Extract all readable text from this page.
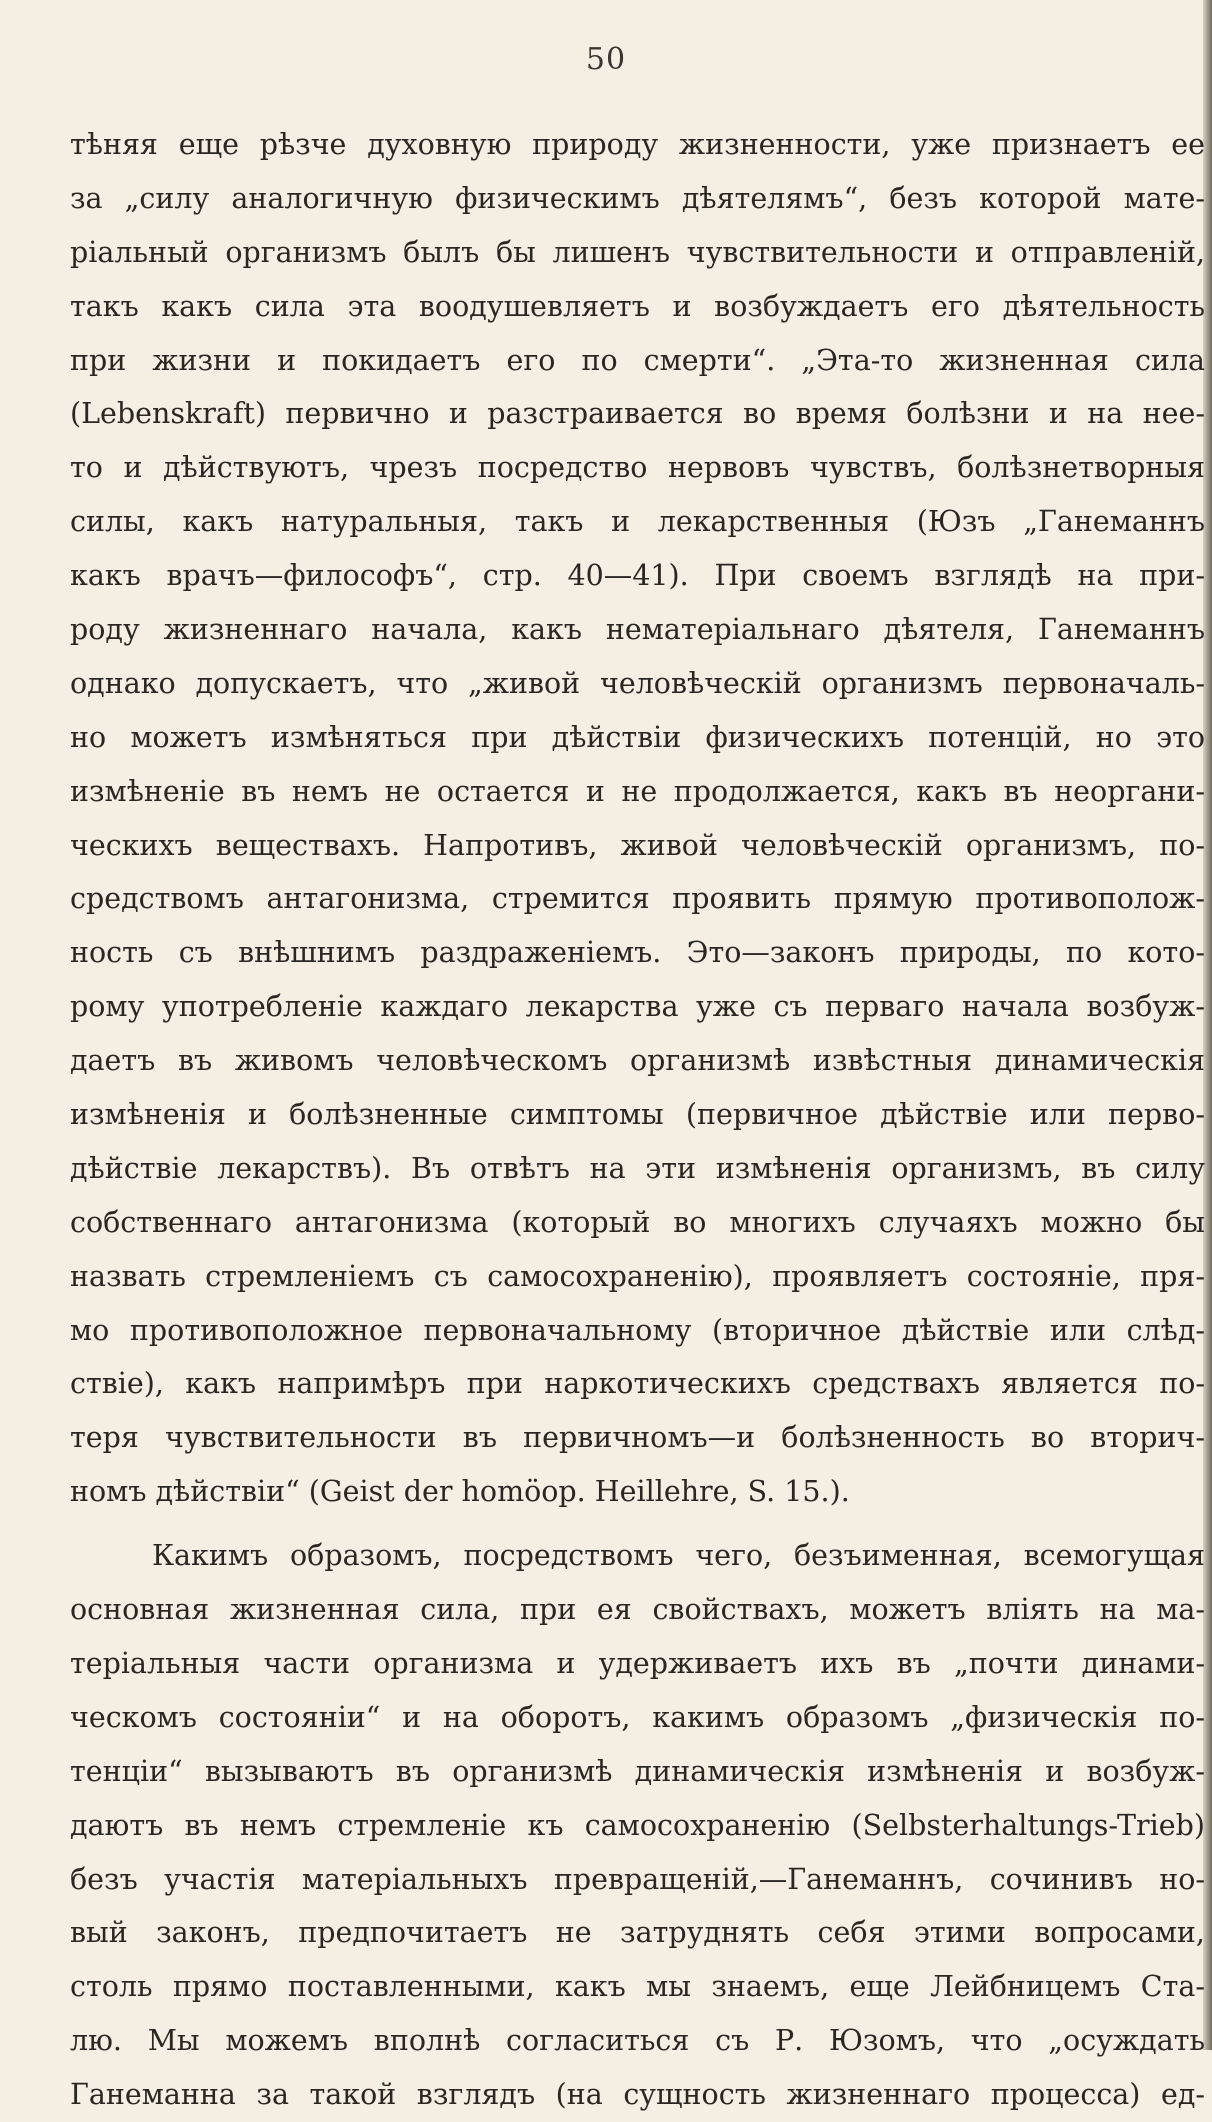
50
тѣняя еще рѣзче духовную природу жизненности, уже признаетъ ее
за „силу аналогичную физическимъ дѣятелямъ“, безъ которой мате-
ріальный организмъ былъ бы лишенъ чувствительности и отправленій,
такъ какъ сила эта воодушевляетъ и возбуждаетъ его дѣятельность
при жизни и покидаетъ его по смерти“. „Эта-то жизненная сила
(Lebenskraft) первично и разстраивается во время болѣзни и на нее-
то и дѣйствуютъ, чрезъ посредство нервовъ чувствъ, болѣзнетворныя
силы, какъ натуральныя, такъ и лекарственныя (Юзъ „Ганеманнъ
какъ врачъ—философъ“, стр. 40—41). При своемъ взглядѣ на при-
роду жизненнаго начала, какъ нематеріальнаго дѣятеля, Ганеманнъ
однако допускаетъ, что „живой человѣческій организмъ первоначаль-
но можетъ измѣняться при дѣйствіи физическихъ потенцій, но это
измѣненіе въ немъ не остается и не продолжается, какъ въ неоргани-
ческихъ веществахъ. Напротивъ, живой человѣческій организмъ, по-
средствомъ антагонизма, стремится проявить прямую противополож-
ность съ внѣшнимъ раздраженіемъ. Это—законъ природы, по кото-
рому употребленіе каждаго лекарства уже съ перваго начала возбуж-
даетъ въ живомъ человѣческомъ организмѣ извѣстныя динамическія
измѣненія и болѣзненные симптомы (первичное дѣйствіе или перво-
дѣйствіе лекарствъ). Въ отвѣтъ на эти измѣненія организмъ, въ силу
собственнаго антагонизма (который во многихъ случаяхъ можно бы
назвать стремленіемъ съ самосохраненію), проявляетъ состояніе, пря-
мо противоположное первоначальному (вторичное дѣйствіе или слѣд-
ствіе), какъ напримѣръ при наркотическихъ средствахъ является по-
теря чувствительности въ первичномъ—и болѣзненность во вторич-
номъ дѣйствіи“ (Geist der homöop. Heillehre, S. 15.).
Какимъ образомъ, посредствомъ чего, безъименная, всемогущая
основная жизненная сила, при ея свойствахъ, можетъ вліять на ма-
теріальныя части организма и удерживаетъ ихъ въ „почти динами-
ческомъ состояніи“ и на оборотъ, какимъ образомъ „физическія по-
тенціи“ вызываютъ въ организмѣ динамическія измѣненія и возбуж-
даютъ въ немъ стремленіе къ самосохраненію (Selbsterhaltungs-Trieb)
безъ участія матеріальныхъ превращеній,—Ганеманнъ, сочинивъ но-
вый законъ, предпочитаетъ не затруднять себя этими вопросами,
столь прямо поставленными, какъ мы знаемъ, еще Лейбницемъ Ста-
лю. Мы можемъ вполнѣ согласиться съ Р. Юзомъ, что „осуждать
Ганеманна за такой взглядъ (на сущность жизненнаго процесса) ед-
